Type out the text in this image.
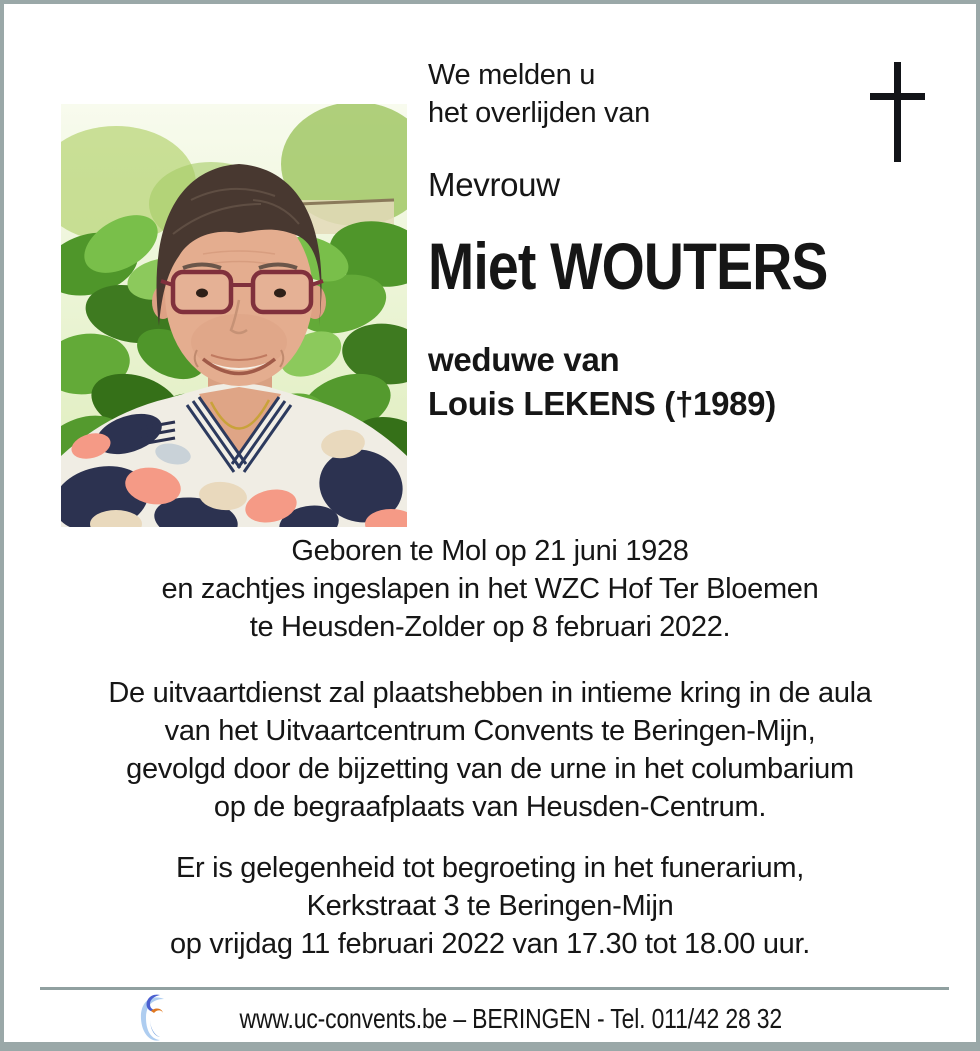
We melden u
het overlijden van
Mevrouw
Miet WOUTERS
weduwe van
Louis LEKENS (†1989)
Geboren te Mol op 21 juni 1928
en zachtjes ingeslapen in het WZC Hof Ter Bloemen
te Heusden-Zolder op 8 februari 2022.
De uitvaartdienst zal plaatshebben in intieme kring in de aula
van het Uitvaartcentrum Convents te Beringen-Mijn,
gevolgd door de bijzetting van de urne in het columbarium
op de begraafplaats van Heusden-Centrum.
Er is gelegenheid tot begroeting in het funerarium,
Kerkstraat 3 te Beringen-Mijn
op vrijdag 11 februari 2022 van 17.30 tot 18.00 uur.
www.uc-convents.be – BERINGEN - Tel. 011/42 28 32
